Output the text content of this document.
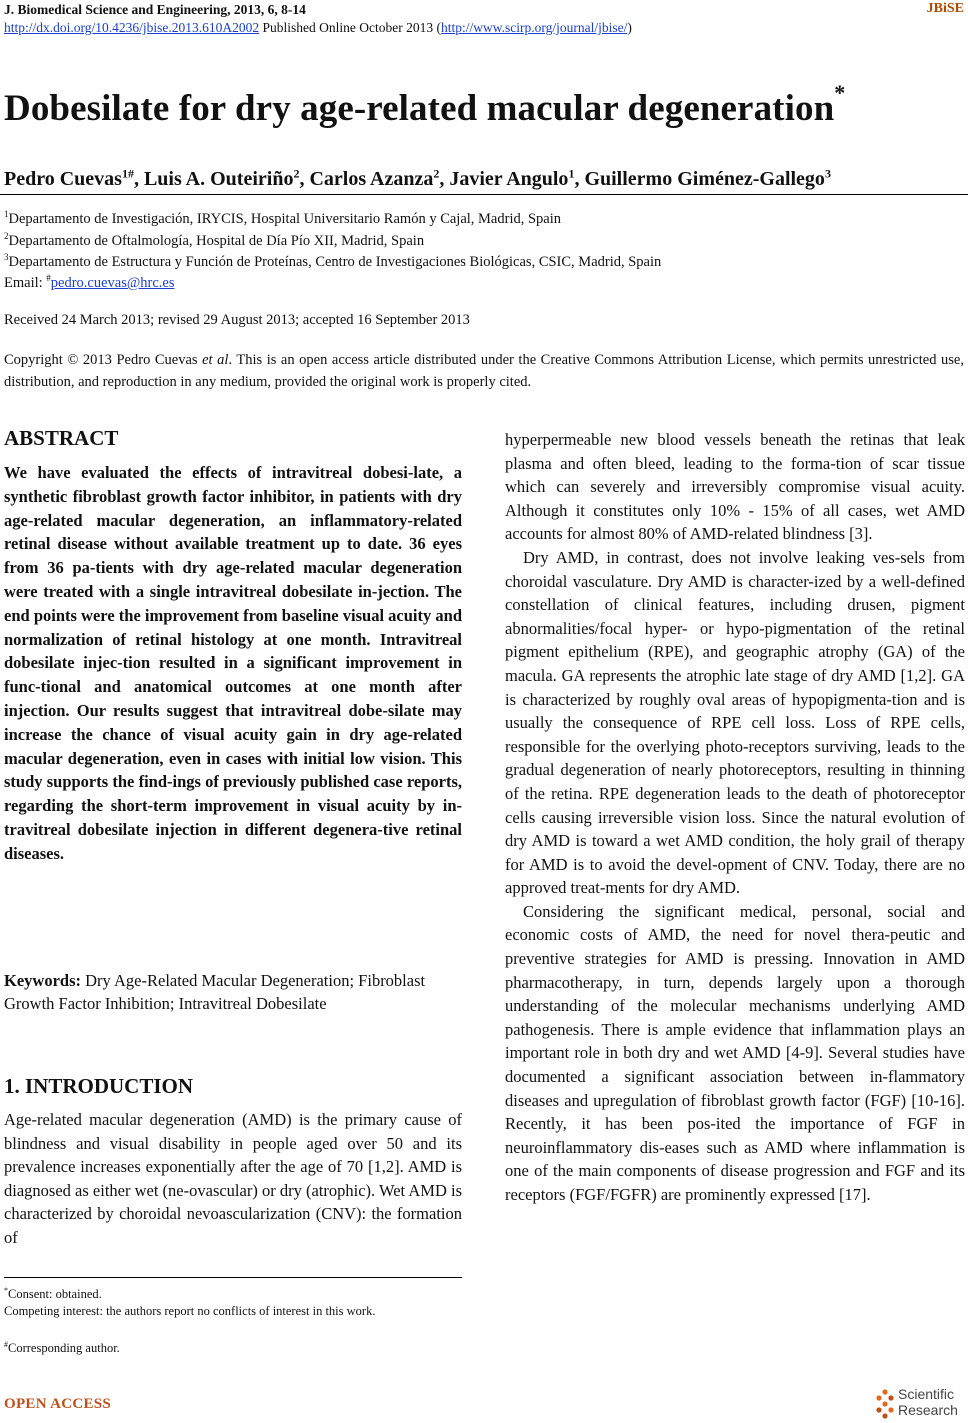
J. Biomedical Science and Engineering, 2013, 6, 8-14
http://dx.doi.org/10.4236/jbise.2013.610A2002 Published Online October 2013 (http://www.scirp.org/journal/jbise/)
JBiSE
Dobesilate for dry age-related macular degeneration*
Pedro Cuevas$^{1\#}$, Luis A. Outeiriño$^2$, Carlos Azanza$^2$, Javier Angulo$^1$, Guillermo Giménez-Gallego$^3$
$^1$Departamento de Investigación, IRYCIS, Hospital Universitario Ramón y Cajal, Madrid, Spain
$^2$Departamento de Oftalmología, Hospital de Día Pío XII, Madrid, Spain
$^3$Departamento de Estructura y Función de Proteínas, Centro de Investigaciones Biológicas, CSIC, Madrid, Spain
Email: #pedro.cuevas@hrc.es
Received 24 March 2013; revised 29 August 2013; accepted 16 September 2013
Copyright © 2013 Pedro Cuevas et al. This is an open access article distributed under the Creative Commons Attribution License, which permits unrestricted use, distribution, and reproduction in any medium, provided the original work is properly cited.
ABSTRACT
We have evaluated the effects of intravitreal dobesi-late, a synthetic fibroblast growth factor inhibitor, in patients with dry age-related macular degeneration, an inflammatory-related retinal disease without available treatment up to date. 36 eyes from 36 pa-tients with dry age-related macular degeneration were treated with a single intravitreal dobesilate in-jection. The end points were the improvement from baseline visual acuity and normalization of retinal histology at one month. Intravitreal dobesilate injec-tion resulted in a significant improvement in func-tional and anatomical outcomes at one month after injection. Our results suggest that intravitreal dobe-silate may increase the chance of visual acuity gain in dry age-related macular degeneration, even in cases with initial low vision. This study supports the find-ings of previously published case reports, regarding the short-term improvement in visual acuity by in-travitreal dobesilate injection in different degenera-tive retinal diseases.
Keywords: Dry Age-Related Macular Degeneration; Fibroblast Growth Factor Inhibition; Intravitreal Dobesilate
1. INTRODUCTION
Age-related macular degeneration (AMD) is the primary cause of blindness and visual disability in people aged over 50 and its prevalence increases exponentially after the age of 70 [1,2]. AMD is diagnosed as either wet (ne-ovascular) or dry (atrophic). Wet AMD is characterized by choroidal nevoascularization (CNV): the formation of
*Consent: obtained.
Competing interest: the authors report no conflicts of interest in this work.
#Corresponding author.

hyperpermeable new blood vessels beneath the retinas that leak plasma and often bleed, leading to the forma-tion of scar tissue which can severely and irreversibly compromise visual acuity. Although it constitutes only 10% - 15% of all cases, wet AMD accounts for almost 80% of AMD-related blindness [3].

Dry AMD, in contrast, does not involve leaking ves-sels from choroidal vasculature. Dry AMD is character-ized by a well-defined constellation of clinical features, including drusen, pigment abnormalities/focal hyper- or hypo-pigmentation of the retinal pigment epithelium (RPE), and geographic atrophy (GA) of the macula. GA represents the atrophic late stage of dry AMD [1,2]. GA is characterized by roughly oval areas of hypopigmenta-tion and is usually the consequence of RPE cell loss. Loss of RPE cells, responsible for the overlying photo-receptors surviving, leads to the gradual degeneration of nearly photoreceptors, resulting in thinning of the retina. RPE degeneration leads to the death of photoreceptor cells causing irreversible vision loss. Since the natural evolution of dry AMD is toward a wet AMD condition, the holy grail of therapy for AMD is to avoid the devel-opment of CNV. Today, there are no approved treat-ments for dry AMD.

Considering the significant medical, personal, social and economic costs of AMD, the need for novel thera-peutic and preventive strategies for AMD is pressing. Innovation in AMD pharmacotherapy, in turn, depends largely upon a thorough understanding of the molecular mechanisms underlying AMD pathogenesis. There is ample evidence that inflammation plays an important role in both dry and wet AMD [4-9]. Several studies have documented a significant association between in-flammatory diseases and upregulation of fibroblast growth factor (FGF) [10-16]. Recently, it has been pos-ited the importance of FGF in neuroinflammatory dis-eases such as AMD where inflammation is one of the main components of disease progression and FGF and its receptors (FGF/FGFR) are prominently expressed [17].

OPEN ACCESS
Scientific
Research
